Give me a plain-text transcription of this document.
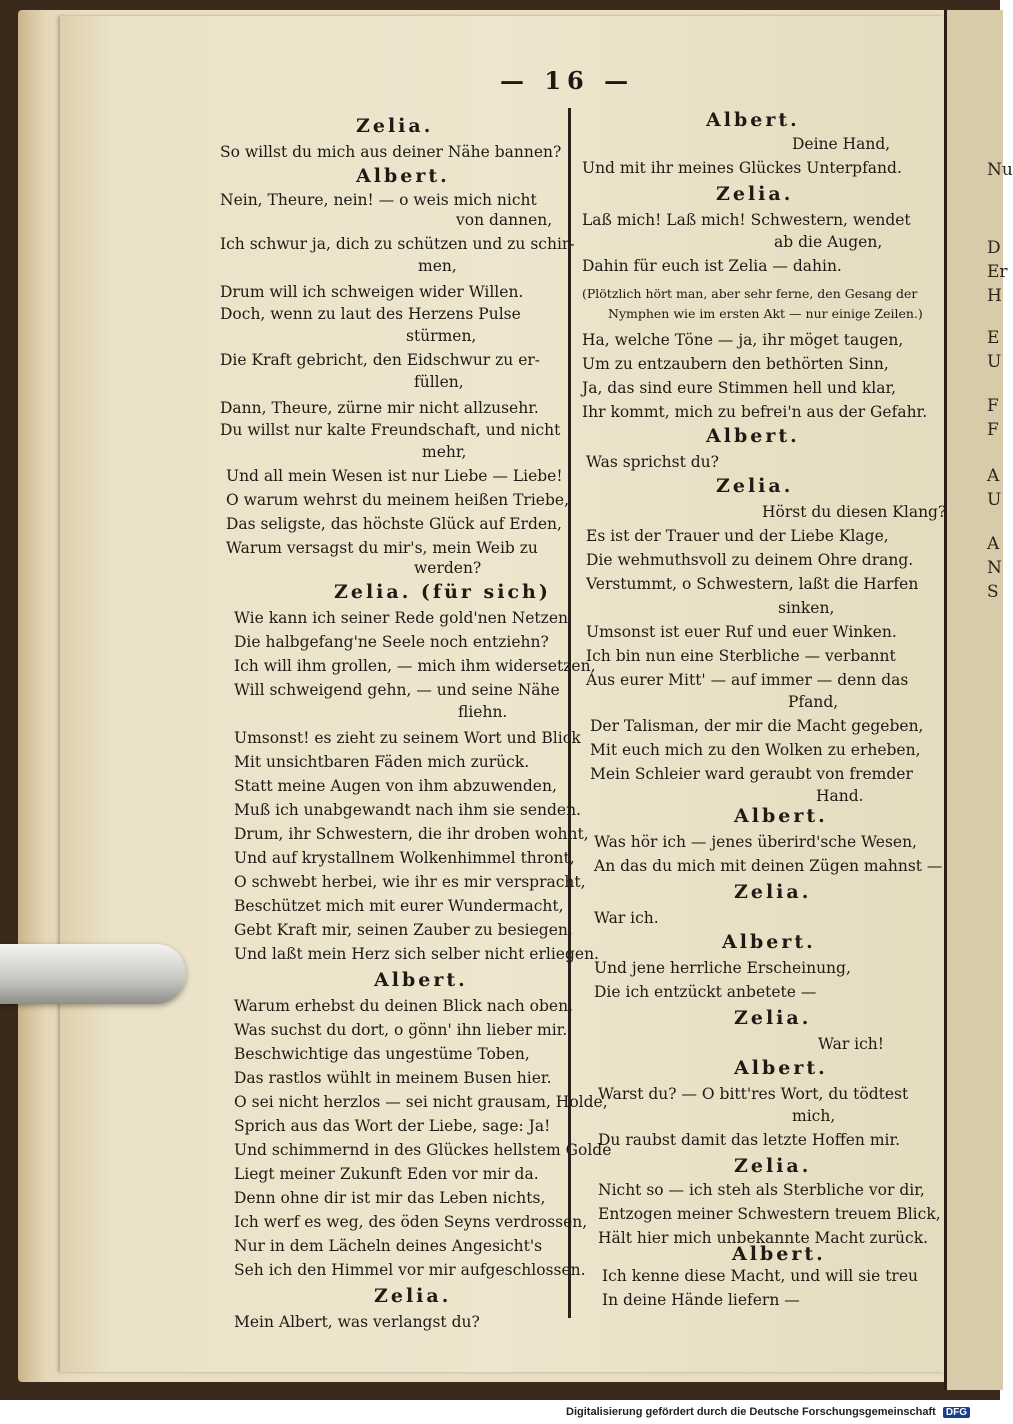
Nu
D
Er
H
E
U
F
F
A
U
A
N
S
— 16 —
Zelia.
So willst du mich aus deiner Nähe bannen?
Albert.
Nein, Theure, nein! — o weis mich nicht
von dannen,
Ich schwur ja, dich zu schützen und zu schir-
men,
Drum will ich schweigen wider Willen.
Doch, wenn zu laut des Herzens Pulse
stürmen,
Die Kraft gebricht, den Eidschwur zu er-
füllen,
Dann, Theure, zürne mir nicht allzusehr.
Du willst nur kalte Freundschaft, und nicht
mehr,
Und all mein Wesen ist nur Liebe — Liebe!
O warum wehrst du meinem heißen Triebe,
Das seligste, das höchste Glück auf Erden,
Warum versagst du mir's, mein Weib zu
werden?
Zelia. (für sich)
Wie kann ich seiner Rede gold'nen Netzen
Die halbgefang'ne Seele noch entziehn?
Ich will ihm grollen, — mich ihm widersetzen,
Will schweigend gehn, — und seine Nähe
fliehn.
Umsonst! es zieht zu seinem Wort und Blick
Mit unsichtbaren Fäden mich zurück.
Statt meine Augen von ihm abzuwenden,
Muß ich unabgewandt nach ihm sie senden.
Drum, ihr Schwestern, die ihr droben wohnt,
Und auf krystallnem Wolkenhimmel thront,
O schwebt herbei, wie ihr es mir verspracht,
Beschützet mich mit eurer Wundermacht,
Gebt Kraft mir, seinen Zauber zu besiegen,
Und laßt mein Herz sich selber nicht erliegen.
Albert.
Warum erhebst du deinen Blick nach oben,
Was suchst du dort, o gönn' ihn lieber mir.
Beschwichtige das ungestüme Toben,
Das rastlos wühlt in meinem Busen hier.
O sei nicht herzlos — sei nicht grausam, Holde,
Sprich aus das Wort der Liebe, sage: Ja!
Und schimmernd in des Glückes hellstem Golde
Liegt meiner Zukunft Eden vor mir da.
Denn ohne dir ist mir das Leben nichts,
Ich werf es weg, des öden Seyns verdrossen,
Nur in dem Lächeln deines Angesicht's
Seh ich den Himmel vor mir aufgeschlossen.
Zelia.
Mein Albert, was verlangst du?
Albert.
Deine Hand,
Und mit ihr meines Glückes Unterpfand.
Zelia.
Laß mich! Laß mich! Schwestern, wendet
ab die Augen,
Dahin für euch ist Zelia — dahin.
(Plötzlich hört man, aber sehr ferne, den Gesang der
Nymphen wie im ersten Akt — nur einige Zeilen.)
Ha, welche Töne — ja, ihr möget taugen,
Um zu entzaubern den bethörten Sinn,
Ja, das sind eure Stimmen hell und klar,
Ihr kommt, mich zu befrei'n aus der Gefahr.
Albert.
Was sprichst du?
Zelia.
Hörst du diesen Klang?
Es ist der Trauer und der Liebe Klage,
Die wehmuthsvoll zu deinem Ohre drang.
Verstummt, o Schwestern, laßt die Harfen
sinken,
Umsonst ist euer Ruf und euer Winken.
Ich bin nun eine Sterbliche — verbannt
Aus eurer Mitt' — auf immer — denn das
Pfand,
Der Talisman, der mir die Macht gegeben,
Mit euch mich zu den Wolken zu erheben,
Mein Schleier ward geraubt von fremder
Hand.
Albert.
Was hör ich — jenes überird'sche Wesen,
An das du mich mit deinen Zügen mahnst —
Zelia.
War ich.
Albert.
Und jene herrliche Erscheinung,
Die ich entzückt anbetete —
Zelia.
War ich!
Albert.
Warst du? — O bitt'res Wort, du tödtest
mich,
Du raubst damit das letzte Hoffen mir.
Zelia.
Nicht so — ich steh als Sterbliche vor dir,
Entzogen meiner Schwestern treuem Blick,
Hält hier mich unbekannte Macht zurück.
Albert.
Ich kenne diese Macht, und will sie treu
In deine Hände liefern —
Digitalisierung gefördert durch die Deutsche Forschungsgemeinschaft DFG
